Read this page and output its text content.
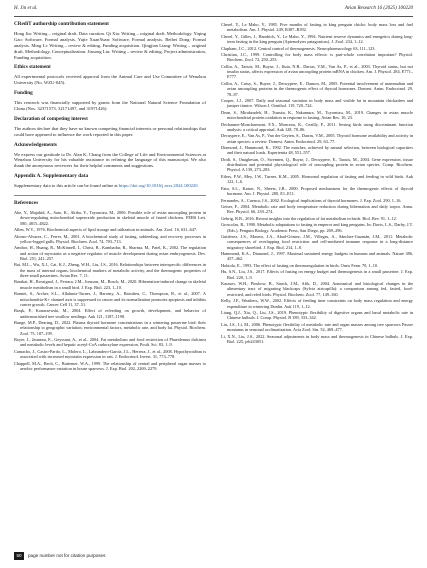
H. Jin et al.	Avian Research 16 (2025) 100220
CRediT authorship contribution statement

Hong Jin: Writing – original draft, Data curation. Qi Xia: Writing – original draft, Methodology. Yiqing Gao: Software, Formal analysis. Yujie XuanYuan: Software, Formal analysis. Beibei Dong: Formal analysis. Ming Li: Writing – review & editing, Funding acquisition. Qingjian Liang: Writing – original draft, Methodology, Conceptualization. Jinsong Liu: Writing – review & editing, Project administration, Funding acquisition.

Ethics statement

All experimental protocols received approval from the Animal Care and Use Committee of Wenzhou University (No. WZU-045).

Funding

This research was financially supported by grants from the National Natural Science Foundation of China (Nos. 32371573, 32171497, and 31971426).

Declaration of competing interest

The authors declare that they have no known competing financial interests or personal relationships that could have appeared to influence the work reported in this paper.

Acknowledgements

We express our gratitude to Dr. Alan K. Chang from the College of Life and Environmental Sciences at Wenzhou University for his valuable assistance in refining the language of this manuscript. We also thank the anonymous reviewers for their helpful comments and suggestions.

Appendix A. Supplementary data

Supplementary data to this article can be found online at https://doi.org/10.1016/j.avrs.2024.100220.

References

Abe, Y., Mujahid, A., Sato, K., Akiba, Y., Toyomizu, M., 2006. Possible role of avian uncoupling protein in down-regulating mitochondrial superoxide production in skeletal muscle of fasted chickens. FEBS Lett. 580, 4815–4822.

Allen, W.V., 1976. Biochemical aspects of lipid storage and utilization in animals. Am. Zool. 16, 631–647.

Alonso-Alvarez, C., Ferrer, M., 2001. A biochemical study of fasting, subfeeding, and recovery processes in yellow-legged gulls. Physiol. Biochem. Zool. 74, 703–713.

Amthor, H., Huang, R., McKinnell, I., Christ, B., Kambadur, R., Sharma, M., Patel, K., 2002. The regulation and action of myostatin as a negative regulator of muscle development during avian embryogenesis. Dev. Biol. 251, 241–257.

Bai, M.L., Wu, X.J., Cai, K.J., Zheng, W.H., Liu, J.S., 2016. Relationships between interspecific differences in the mass of internal organs, biochemical markers of metabolic activity, and the thermogenic properties of three small passerines. Avian Res. 7, 11.

Barakat, H., Rossignol, J., Ferrara, J.M., Jonsson, M., Bosch, M., 2020. Hibernation-induced change in skeletal muscle metabolism in a small bird. J. Exp. Biol. 223, 1–10.

Bonnet, S., Archer, S.L., Allalunis-Turner, J., Haromy, A., Beaulieu, C., Thompson, R., et al., 2007. A mitochondria-K+ channel axis is suppressed in cancer and its normalization promotes apoptosis and inhibits cancer growth. Cancer Cell 11, 37–51.

Brzęk, P., Konarzewski, M., 2004. Effect of refeeding on growth, development, and behavior of undernourished tree swallow nestlings. Auk 121, 1187–1198.

Bunge, M.P., Dearing, D., 2022. Plasma thyroid hormone concentrations in a wintering passerine bird: their relationship to geographic variation, environmental factors, metabolic rate, and body fat. Physiol. Biochem. Zool. 75, 187–199.

Boyer, J., Jauneau, E., Geyssant, A., et al., 2004. Fat metabolism and food restriction of Phaeolemus dulcinea and metabolic levels and hepatic acetyl-CoA carboxylase expression. Poult. Sci. 83, 1–9.

Camacho, J., Castro-Pardo, L., Molero, L., Labrandero-García, J.L., Herrera, J., et al., 2008. Hypothyroidism is associated with increased myostatin expression in rats. J. Endocrinol. Invest. 31, 773–778.

Chappell, M.A., Bech, C., Buttemer, W.A., 1999. The relationship of central and peripheral organ masses to aerobic performance variation in house sparrows. J. Exp. Biol. 202, 2269–2279.

Cherel, Y., Le Maho, Y., 1985. Five months of fasting in king penguin chicks: body mass loss and fuel metabolism. Am. J. Physiol. 249, R387–R392.

Cherel, Y., Gilles, J., Handrich, Y., Le Maho, Y., 1994. Nutrient reserve dynamics and energetics during long-term fasting in the king penguin (Aptenodytes patagonicus). J. Zool. 234, 1–12.

Clapham, J.C., 2012. Central control of thermogenesis. Neuropharmacology 63, 111–123.

Christian, J.C., 1999. Controlling for body mass effects: is part-whole correlation important? Physiol. Biochem. Zool. 72, 250–253.

Collin, A., Taouis, M., Buyse, J., Ifuta, N.B., Darras, V.M., Van As, P., et al., 2003. Thyroid status, but not insulin status, affects expression of avian uncoupling protein mRNA in chicken. Am. J. Physiol. 284, E771–E777.

Collin, A., Cassy, S., Buyse, J., Decuypere, E., Damon, M., 2005. Potential involvement of mammalian and avian uncoupling proteins in the thermogenic effect of thyroid hormones. Domest. Anim. Endocrinol. 29, 78–87.

Cooper, J.J., 2007. Daily and seasonal variation in body mass and visible fat in mountain chickadees and juniper titmice. Wilson J. Ornithol. 119, 720–724.

Dean, S., Mirabzadeh, H., Tsuruta, K., Nakamura, M., Toyomizu, M., 2019. Changes in avian muscle mitochondrial protein oxidation in response to fasting. Avian Res. 10, 23.

Dechaume-Moncharmont, F.X., Monceau, K., Cezilly, F., 2011. Sexing birds using discriminant function analysis: a critical appraisal. Auk 128, 78–86.

Decuypere, E., Van As, P., Van der Geyten, S., Darras, V.M., 2005. Thyroid hormone availability and activity in avian species: a review. Domest. Anim. Endocrinol. 29, 63–77.

Diamond, J., Hammond, K., 1992. The matches, achieved by natural selection, between biological capacities and their natural loads. Experientia 48, 551–557.

Dridi, S., Onagbesan, O., Swennen, Q., Buyse, J., Decuypere, E., Taouis, M., 2004. Gene expression, tissue distribution and potential physiological role of uncoupling protein in avian species. Comp. Biochem. Physiol. A 139, 273–283.

Eilers, F.W., Mey, J.W., Turner, K.M., 2005. Hormonal regulation of fasting and feeding in wild birds. Auk 122, 1–6.

Fain, S.L., Kaiser, N., Sheets, J.B., 2000. Proposed mechanisms for the thermogenic effects of thyroid hormone. Am. J. Physiol. 280, E1–E11.

Fernandes, A., Cuenca, J.S., 2002. Ecological implications of thyroid hormones. J. Exp. Zool. 290, 1–16.

Geiser, F., 2004. Metabolic rate and body temperature reduction during hibernation and daily torpor. Annu. Rev. Physiol. 66, 239–274.

Gehrig, R.B., 2016. Recent insights into the regulation of fat metabolism in birds. Biol. Rev. 91, 1–12.

Groscolas, R., 1990. Metabolic adaptations to fasting in emperor and king penguins. In: Davis, L.S., Darby, J.T. (Eds.), Penguin Biology. Academic Press, San Diego, pp. 269–296.

Gutiérrez, J.S., Masero, J.A., Abad-Gómez, J.M., Villegas, A., Sánchez-Guzmán, J.M., 2011. Metabolic consequences of overlapping food restriction and cell-mediated immune response in a long-distance migratory shorebird. J. Exp. Biol. 214, 1–8.

Hammond, K.A., Diamond, J., 1997. Maximal sustained energy budgets in humans and animals. Nature 386, 457–462.

Hohtola, E., 1993. The effect of fasting on thermoregulation in birds. Ornis Fenn. 70, 1–10.

Hu, S.N., Liu, J.S., 2017. Effects of fasting on energy budget and thermogenesis in a small passerine. J. Exp. Biol. 220, 1–9.

Karasov, W.H., Pinshow, B., Starck, J.M., Afik, D., 2004. Anatomical and histological changes in the alimentary tract of migrating blackcaps (Sylvia atricapilla): a comparison among fed, fasted, food-restricted, and refed birds. Physiol. Biochem. Zool. 77, 149–160.

Kelly, J.F., Weathers, W.W., 2002. Effects of feeding time constraints on body mass regulation and energy expenditure in wintering Dunlin. Auk 119, 1–12.

Liang, Q.J., Xia, Q., Liu, J.S., 2019. Phenotypic flexibility of digestive organs and basal metabolic rate in Chinese bulbuls. J. Comp. Physiol. B 189, 333–342.

Liu, J.S., Li, M., 2006. Phenotypic flexibility of metabolic rate and organ masses among tree sparrows Passer montanus in seasonal acclimatization. Acta Zool. Sin. 52, 469–477.

Li, X.N., Liu, J.S., 2022. Seasonal adjustments in body mass and thermogenesis in Chinese bulbuls. J. Exp. Biol. 225, jeb243051.

50	page number not for citation purposes
